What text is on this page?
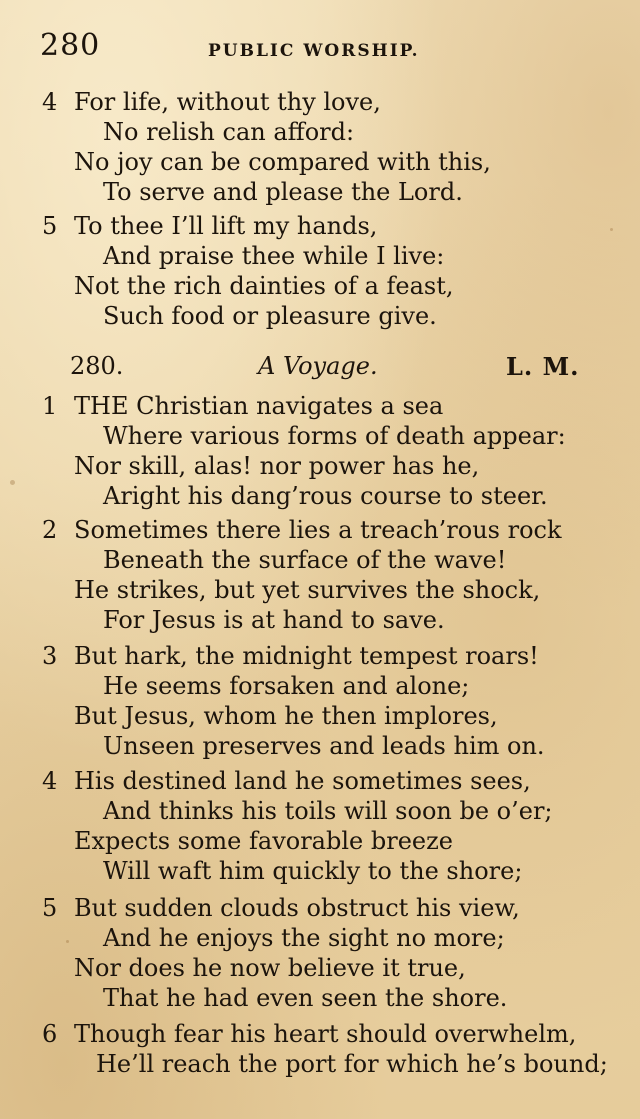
280	PUBLIC WORSHIP.
4 For life, without thy love,
No relish can afford:
No joy can be compared with this,
To serve and please the Lord.
5 To thee I’ll lift my hands,
And praise thee while I live:
Not the rich dainties of a feast,
Such food or pleasure give.
280.	A Voyage.	L. M.
1 THE Christian navigates a sea
Where various forms of death appear:
Nor skill, alas! nor power has he,
Aright his dang’rous course to steer.
2 Sometimes there lies a treach’rous rock
Beneath the surface of the wave!
He strikes, but yet survives the shock,
For Jesus is at hand to save.
3 But hark, the midnight tempest roars!
He seems forsaken and alone;
But Jesus, whom he then implores,
Unseen preserves and leads him on.
4 His destined land he sometimes sees,
And thinks his toils will soon be o’er;
Expects some favorable breeze
Will waft him quickly to the shore;
5 But sudden clouds obstruct his view,
And he enjoys the sight no more;
Nor does he now believe it true,
That he had even seen the shore.
6 Though fear his heart should overwhelm,
He’ll reach the port for which he’s bound;
